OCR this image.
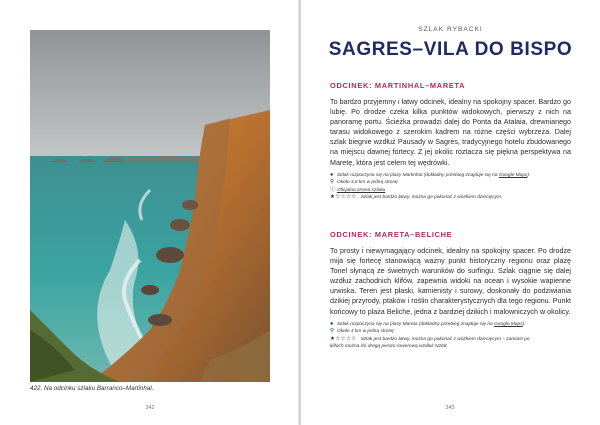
422. Na odcinku szlaku Barranco–Martinhal.
342
SZLAK RYBACKI
SAGRES–VILA DO BISPO
ODCINEK: MARTINHAL–MARETA

To bardzo przyjemny i łatwy odcinek, idealny na spokojny spacer. Bardzo go lubię. Po drodze czeka kilka punktów widokowych, pierwszy z nich na panoramę portu. Ścieżka prowadzi dalej do Ponta da Atalaia, drewnianego tarasu widokowego z szerokim kadrem na różne części wybrzeża. Dalej szlak biegnie wzdłuż Pausady w Sagres, tradycyjnego hotelu zbudowanego na miejscu dawnej fortecy. Z jej okolic roztacza się piękna perspektywa na Maretę, która jest celem tej wędrówki.

● Szlak rozpoczyna się na plaży Martinhal (dokładny przebieg znajduje się na Google Maps).
⚲ Około 3,6 km w jedną stronę
ⓘ Oficjalna strona szlaku
★☆☆☆☆ Szlak jest bardzo łatwy, można go pokonać z wózkiem dziecięcym.
ODCINEK: MARETA–BELICHE

To prosty i niewymagający odcinek, idealny na spokojny spacer. Po drodze mija się fortecę stanowiącą ważny punkt historyczny regionu oraz plażę Tonel słynącą ze świetnych warunków do surfingu. Szlak ciągnie się dalej wzdłuż zachodnich klifów, zapewnia widoki na ocean i wysokie wapienne urwiska. Teren jest płaski, kamienisty i surowy, doskonały do podziwiania dzikiej przyrody, ptaków i roślin charakterystycznych dla tego regionu. Punkt końcowy to plaża Beliche, jedna z bardziej dzikich i malowniczych w okolicy.

● Szlak rozpoczyna się na plaży Mareta (dokładny przebieg znajduje się na Google Maps).
⚲ Około 4 km w jedną stronę
★☆☆☆☆ Szlak jest bardzo łatwy, można go pokonać z wózkiem dziecięcym – zamiast po
klifach można iść drogą pieszo-rowerową wzdłuż N268.
343
